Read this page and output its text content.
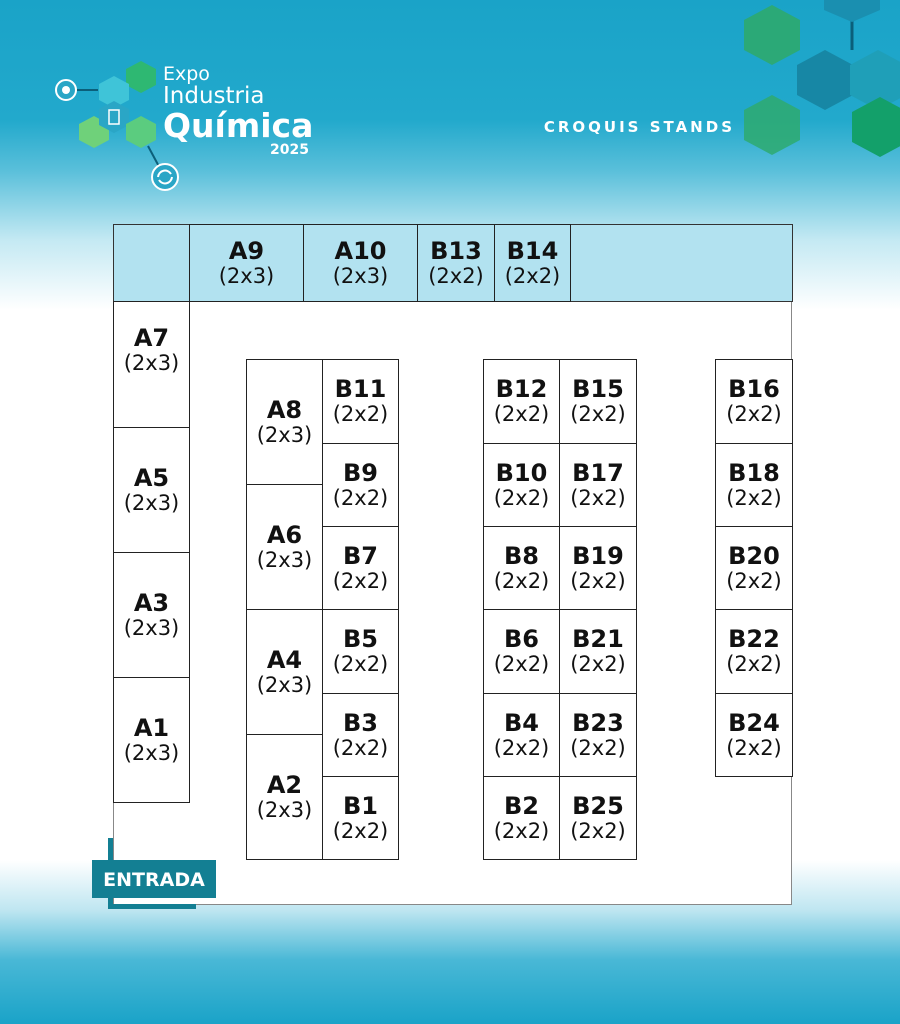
Expo
Industria
Química
2025
CROQUIS STANDS
A9
(2x3)
A10
(2x3)
B13
(2x2)
B14
(2x2)
A7
(2x3)
A5
(2x3)
A3
(2x3)
A1
(2x3)
A8
(2x3)
A6
(2x3)
A4
(2x3)
A2
(2x3)
B11
(2x2)
B9
(2x2)
B7
(2x2)
B5
(2x2)
B3
(2x2)
B1
(2x2)
B12
(2x2)
B10
(2x2)
B8
(2x2)
B6
(2x2)
B4
(2x2)
B2
(2x2)
B15
(2x2)
B17
(2x2)
B19
(2x2)
B21
(2x2)
B23
(2x2)
B25
(2x2)
B16
(2x2)
B18
(2x2)
B20
(2x2)
B22
(2x2)
B24
(2x2)
ENTRADA
